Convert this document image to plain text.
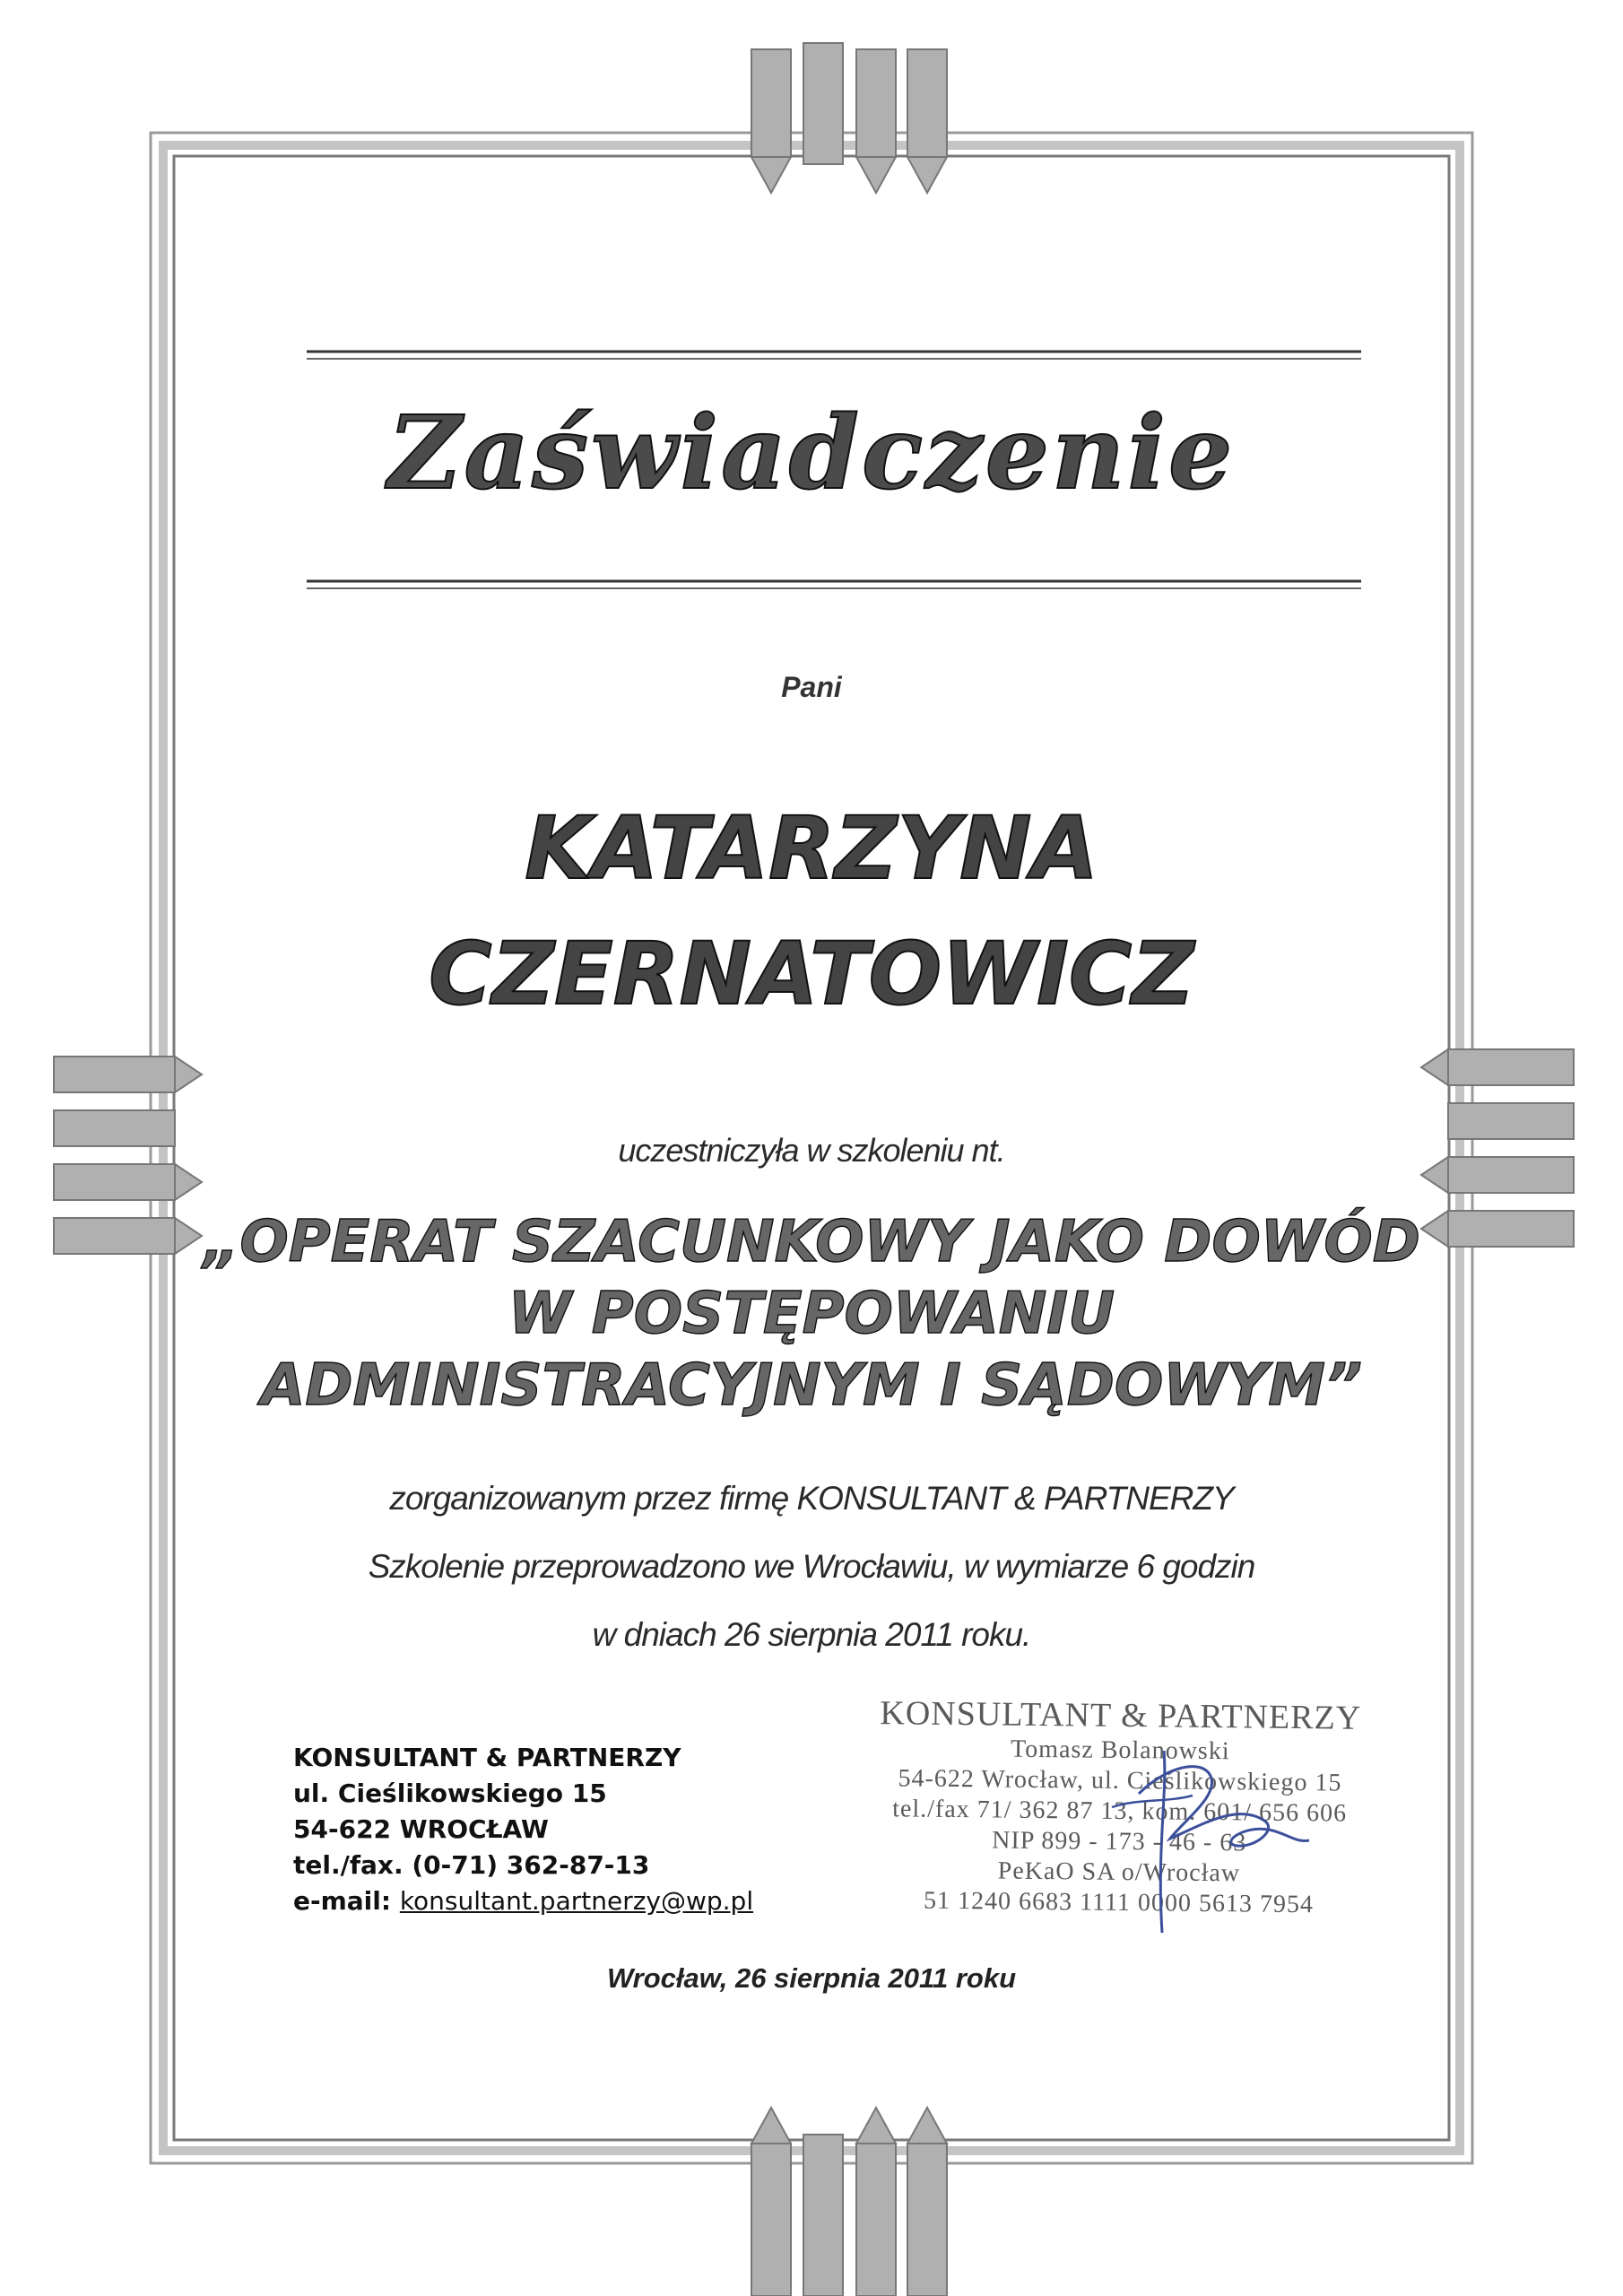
Zaświadczenie

Pani

KATARZYNA

CZERNATOWICZ

uczestniczyła w szkoleniu nt.

„OPERAT SZACUNKOWY JAKO DOWÓD

W POSTĘPOWANIU

ADMINISTRACYJNYM I SĄDOWYM”

zorganizowanym przez firmę KONSULTANT & PARTNERZY

Szkolenie przeprowadzono we Wrocławiu, w wymiarze 6 godzin

w dniach 26 sierpnia 2011 roku.

KONSULTANT & PARTNERZY
ul. Cieślikowskiego 15
54-622 WROCŁAW
tel./fax. (0-71) 362-87-13
e-mail: konsultant.partnerzy@wp.pl
KONSULTANT & PARTNERZY
Tomasz Bolanowski
54-622 Wrocław, ul. Cieślikowskiego 15
tel./fax 71/ 362 87 13, kom. 601/ 656 606
NIP 899 - 173 - 46 - 63
PeKaO SA o/Wrocław
51 1240 6683 1111 0000 5613 7954

Wrocław, 26 sierpnia 2011 roku
